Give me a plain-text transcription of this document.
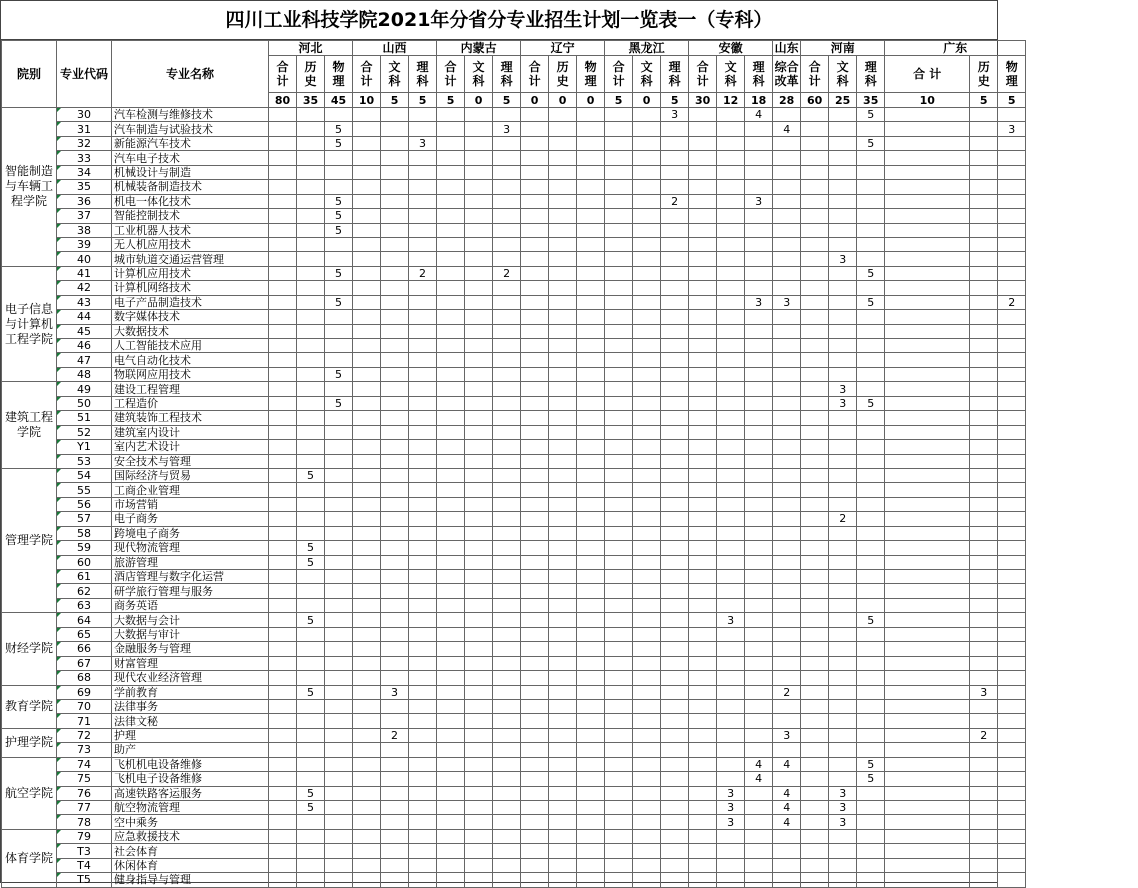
四川工业科技学院2021年分省分专业招生计划一览表一（专科）
院别	专业代码	专业名称	河北			山西			内蒙古			辽宁			黑龙江			安徽			山东	河南			广东		
			合 计	历 史	物 理	合 计	文 科	理 科	合 计	文 科	理 科	合 计	历 史	物 理	合 计	文 科	理 科	合 计	文 科	理 科	综合改革	合 计	文 科	理 科	合 计	历 史	物 理
			80	35	45	10	5	5	5	0	5	0	0	0	5	0	5	30	12	18	28	60	25	35	10	5	5
智能制造与车辆工程学院	30	汽车检测与维修技术															3			4				5			
	31	汽车制造与试验技术			5						3										4						3
	32	新能源汽车技术			5			3																5			
	33	汽车电子技术																									
	34	机械设计与制造																									
	35	机械装备制造技术																									
	36	机电一体化技术			5												2			3							
	37	智能控制技术			5																						
	38	工业机器人技术			5																						
	39	无人机应用技术																									
	40	城市轨道交通运营管理																					3				
电子信息与计算机工程学院	41	计算机应用技术			5			2			2													5			
	42	计算机网络技术																									
	43	电子产品制造技术			5															3	3			5			2
	44	数字媒体技术																									
	45	大数据技术																									
	46	人工智能技术应用																									
	47	电气自动化技术																									
	48	物联网应用技术			5																						
建筑工程学院	49	建设工程管理																					3				
	50	工程造价			5																		3	5			
	51	建筑装饰工程技术																									
	52	建筑室内设计																									
	Y1	室内艺术设计																									
	53	安全技术与管理																									
管理学院	54	国际经济与贸易		5																							
	55	工商企业管理																									
	56	市场营销																									
	57	电子商务																					2				
	58	跨境电子商务																									
	59	现代物流管理		5																							
	60	旅游管理		5																							
	61	酒店管理与数字化运营																									
	62	研学旅行管理与服务																									
	63	商务英语																									
财经学院	64	大数据与会计		5															3					5			
	65	大数据与审计																									
	66	金融服务与管理																									
	67	财富管理																									
	68	现代农业经济管理																									
教育学院	69	学前教育		5			3														2					3	
	70	法律事务																									
	71	法律文秘																									
护理学院	72	护理					2														3					2	
	73	助产																									
航空学院	74	飞机机电设备维修																		4	4			5			
	75	飞机电子设备维修																		4				5			
	76	高速铁路客运服务		5															3		4		3				
	77	航空物流管理		5															3		4		3				
	78	空中乘务																	3		4		3				
体育学院	79	应急救援技术																									
	T3	社会体育																									
	T4	休闲体育																									
	T5	健身指导与管理																									
